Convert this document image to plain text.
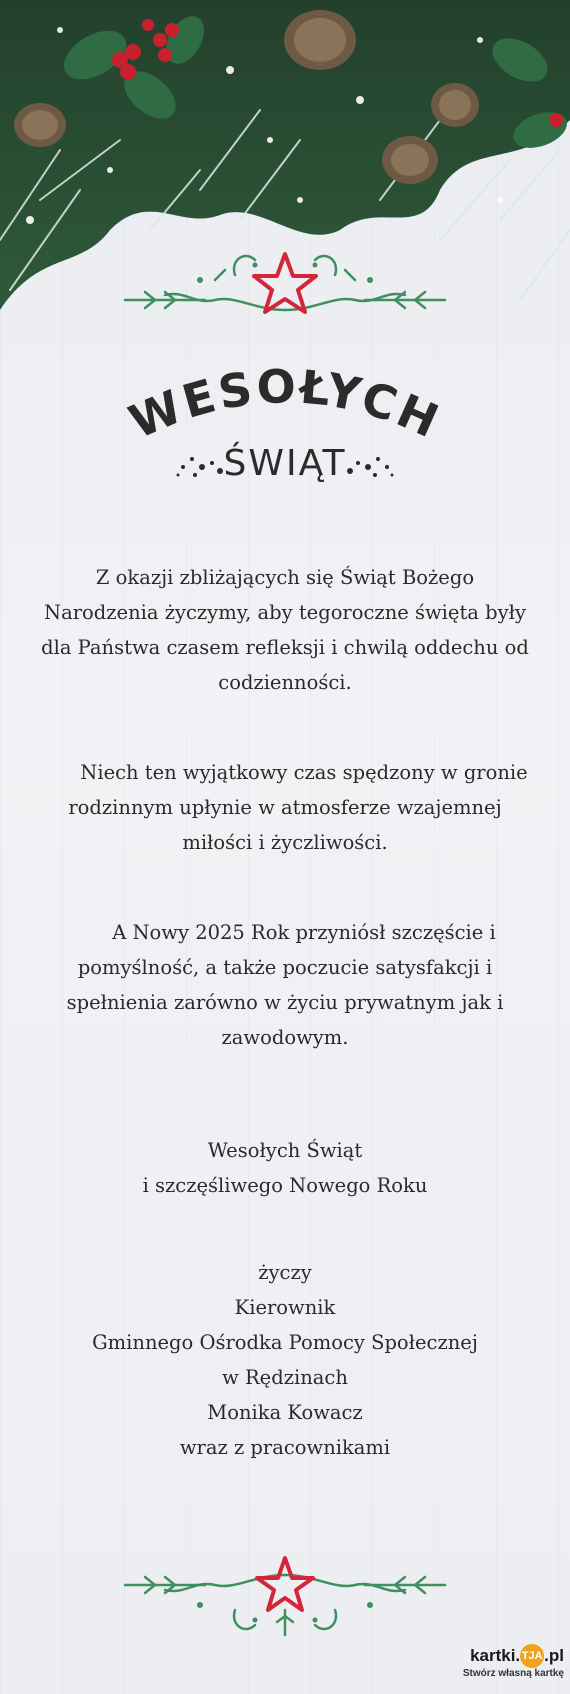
WESOŁYCH
ŚWIĄT

Z okazji zbliżających się Świąt Bożego Narodzenia życzymy, aby tegoroczne święta były dla Państwa czasem refleksji i chwilą oddechu od codzienności.

Niech ten wyjątkowy czas spędzony w gronie rodzinnym upłynie w atmosferze wzajemnej miłości i życzliwości.

A Nowy 2025 Rok przyniósł szczęście i pomyślność, a także poczucie satysfakcji i spełnienia zarówno w życiu prywatnym jak i zawodowym.

Wesołych Świąt

i szczęśliwego Nowego Roku

życzy

Kierownik

Gminnego Ośrodka Pomocy Społecznej

w Rędzinach

Monika Kowacz

wraz z pracownikami

kartki. TJA .pl
Stwórz własną kartkę
